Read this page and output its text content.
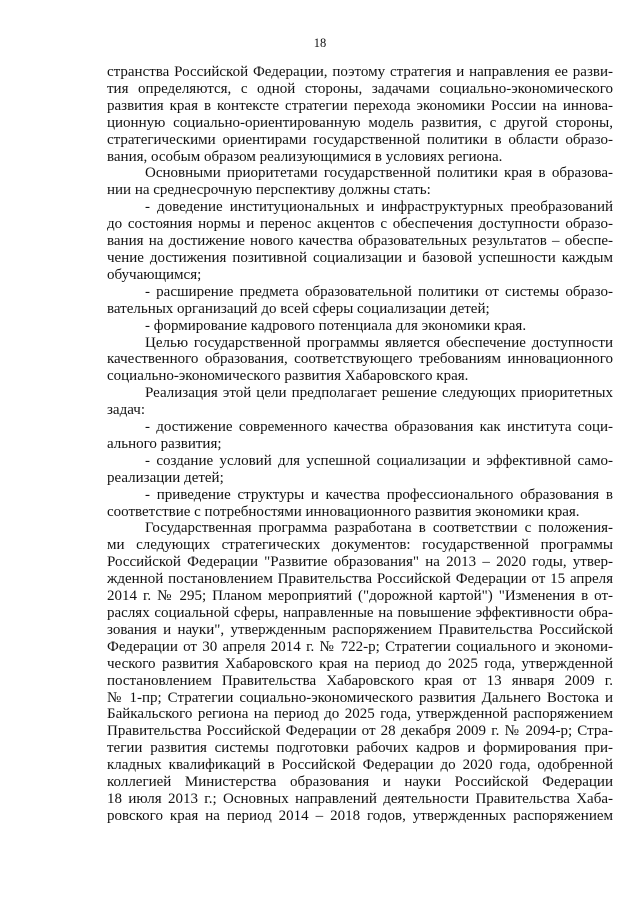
18
странства Российской Федерации, поэтому стратегия и направления ее разви-
тия определяются, с одной стороны, задачами социально-экономического
развития края в контексте стратегии перехода экономики России на иннова-
ционную социально-ориентированную модель развития, с другой стороны,
стратегическими ориентирами государственной политики в области образо-
вания, особым образом реализующимися в условиях региона.
Основными приоритетами государственной политики края в образова-
нии на среднесрочную перспективу должны стать:
- доведение институциональных и инфраструктурных преобразований
до состояния нормы и перенос акцентов с обеспечения доступности образо-
вания на достижение нового качества образовательных результатов – обеспе-
чение достижения позитивной социализации и базовой успешности каждым
обучающимся;
- расширение предмета образовательной политики от системы образо-
вательных организаций до всей сферы социализации детей;
- формирование кадрового потенциала для экономики края.
Целью государственной программы является обеспечение доступности
качественного образования, соответствующего требованиям инновационного
социально-экономического развития Хабаровского края.
Реализация этой цели предполагает решение следующих приоритетных
задач:
- достижение современного качества образования как института соци-
ального развития;
- создание условий для успешной социализации и эффективной само-
реализации детей;
- приведение структуры и качества профессионального образования в
соответствие с потребностями инновационного развития экономики края.
Государственная программа разработана в соответствии с положения-
ми следующих стратегических документов: государственной программы
Российской Федерации "Развитие образования" на 2013 – 2020 годы, утвер-
жденной постановлением Правительства Российской Федерации от 15 апреля
2014 г. № 295; Планом мероприятий ("дорожной картой") "Изменения в от-
раслях социальной сферы, направленные на повышение эффективности обра-
зования и науки", утвержденным распоряжением Правительства Российской
Федерации от 30 апреля 2014 г. № 722-р; Стратегии социального и экономи-
ческого развития Хабаровского края на период до 2025 года, утвержденной
постановлением Правительства Хабаровского края от 13 января 2009 г.
№ 1-пр; Стратегии социально-экономического развития Дальнего Востока и
Байкальского региона на период до 2025 года, утвержденной распоряжением
Правительства Российской Федерации от 28 декабря 2009 г. № 2094-р; Стра-
тегии развития системы подготовки рабочих кадров и формирования при-
кладных квалификаций в Российской Федерации до 2020 года, одобренной
коллегией Министерства образования и науки Российской Федерации
18 июля 2013 г.; Основных направлений деятельности Правительства Хаба-
ровского края на период 2014 – 2018 годов, утвержденных распоряжением
